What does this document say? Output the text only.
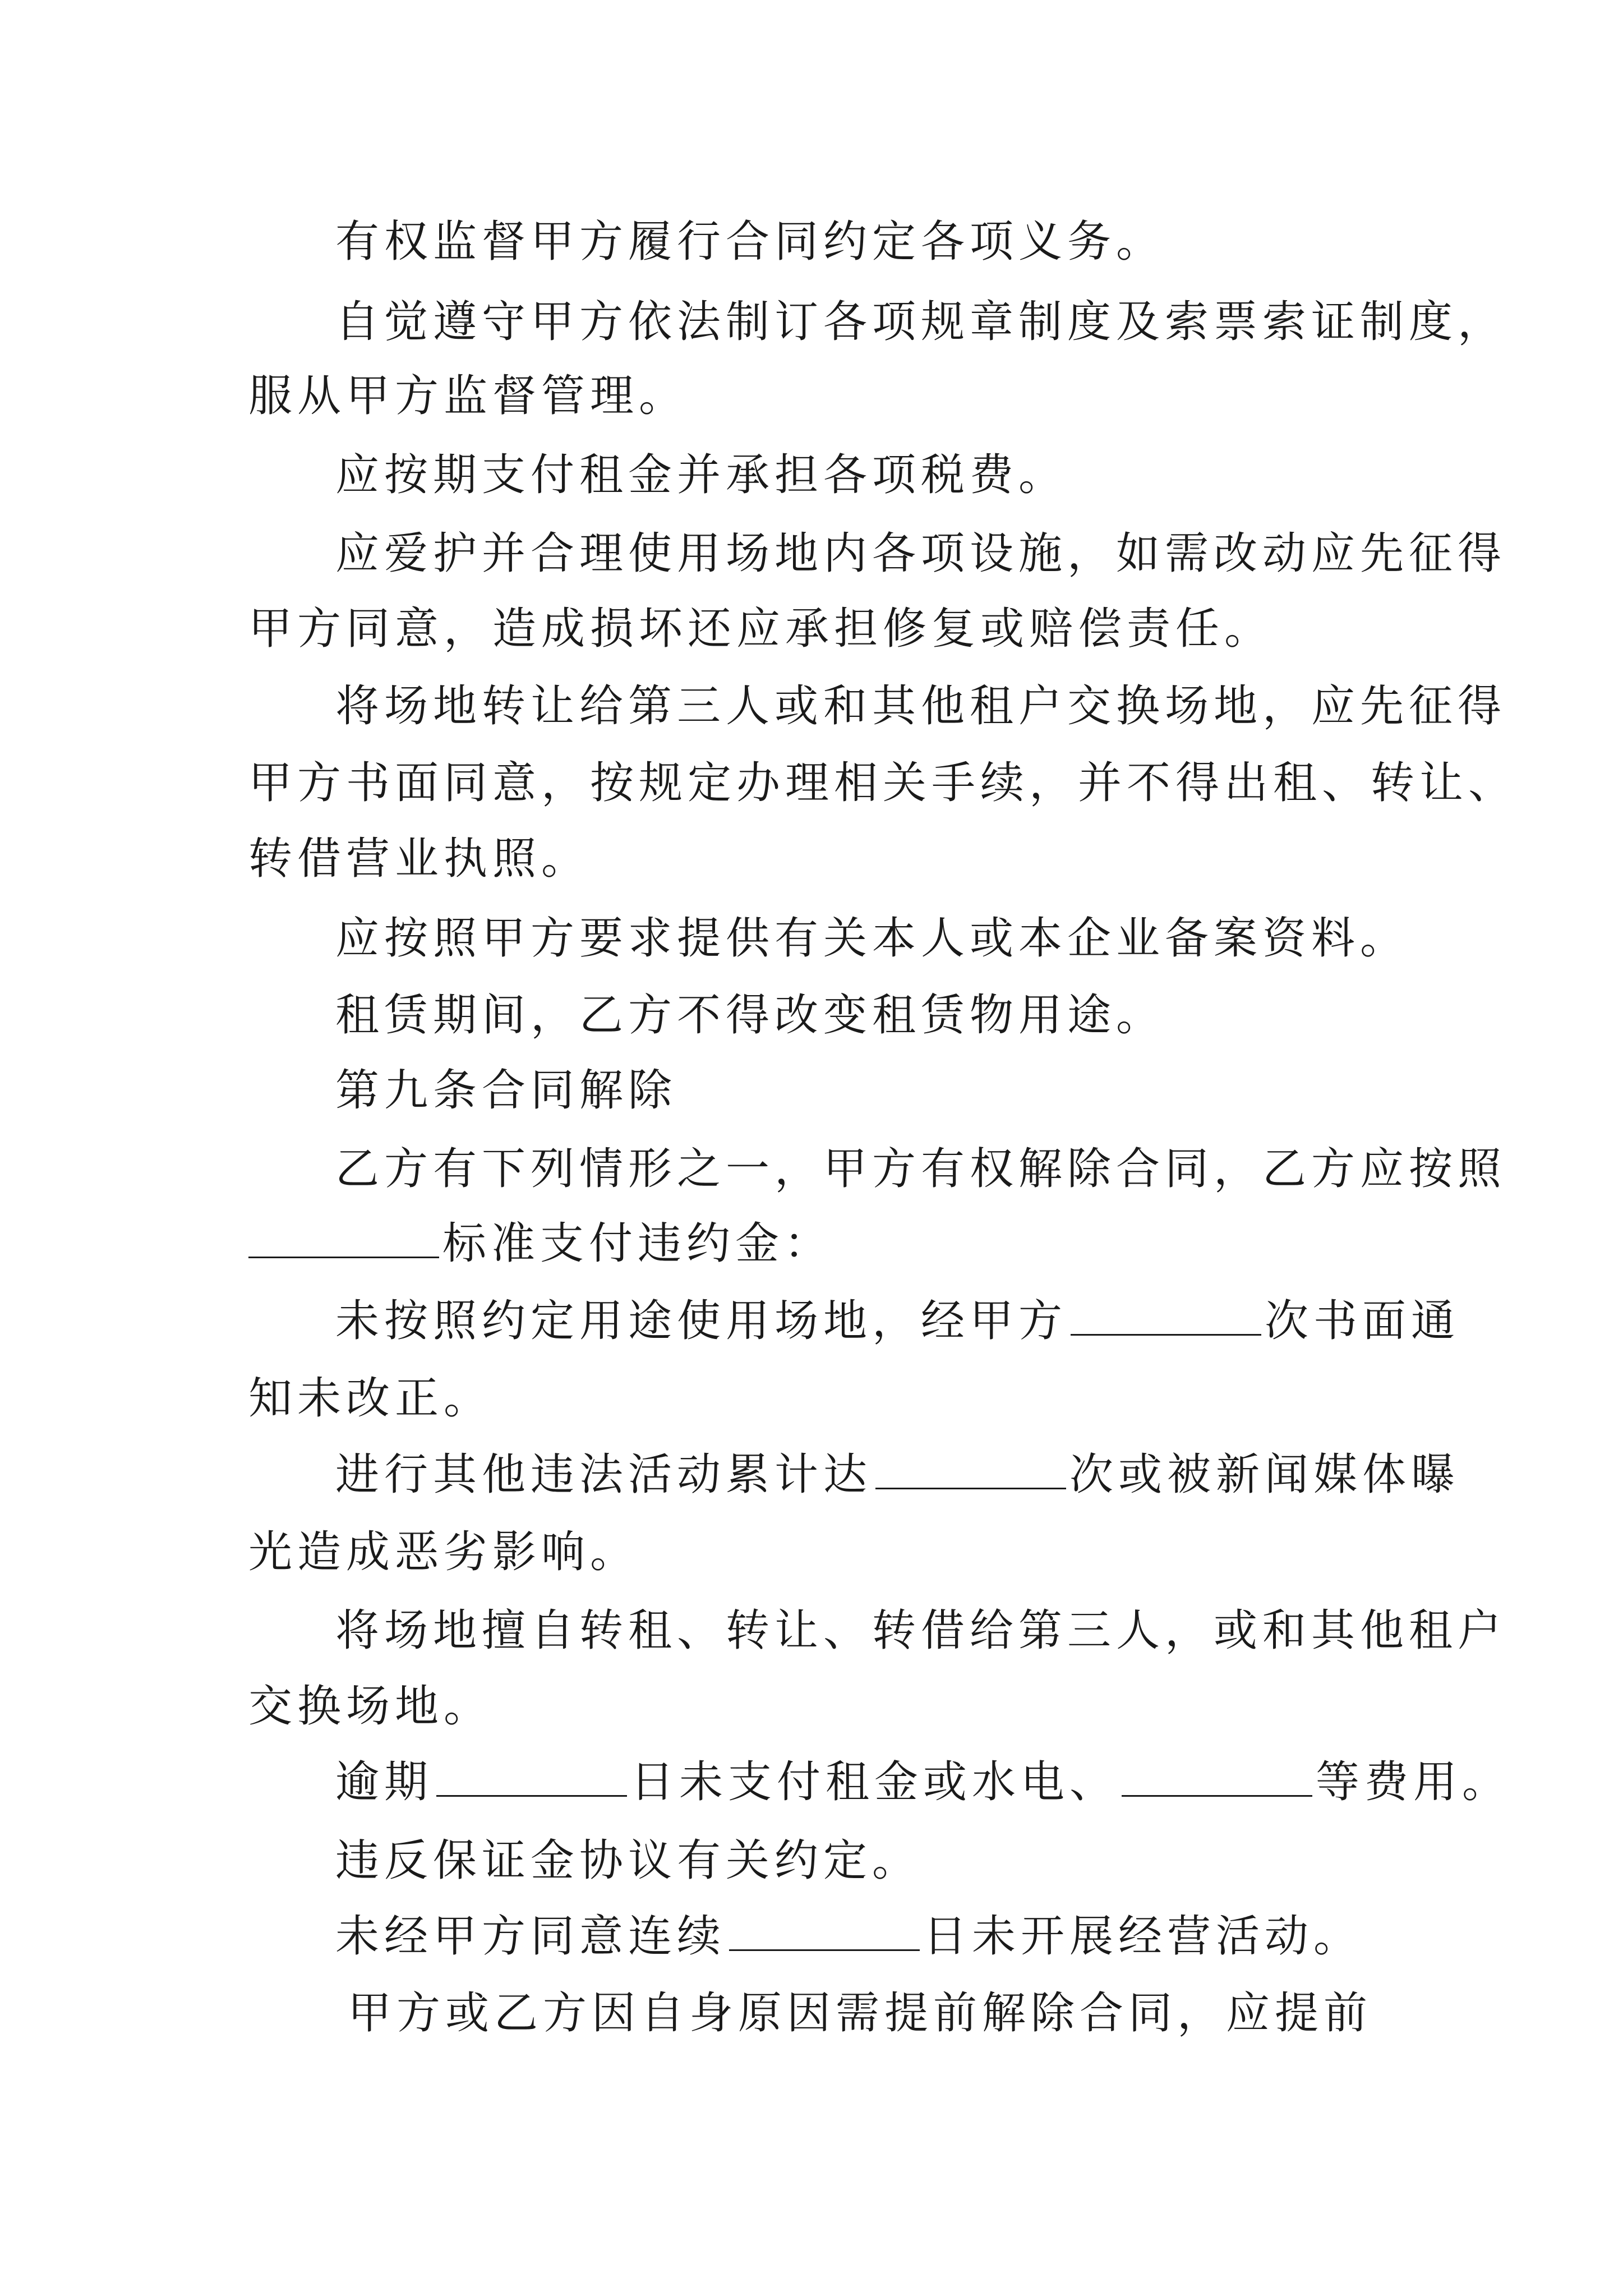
有权监督甲方履行合同约定各项义务。
自觉遵守甲方依法制订各项规章制度及索票索证制度，
服从甲方监督管理。
应按期支付租金并承担各项税费。
应爱护并合理使用场地内各项设施，如需改动应先征得
甲方同意，造成损坏还应承担修复或赔偿责任。
将场地转让给第三人或和其他租户交换场地，应先征得
甲方书面同意，按规定办理相关手续，并不得出租、转让、
转借营业执照。
应按照甲方要求提供有关本人或本企业备案资料。
租赁期间，乙方不得改变租赁物用途。
第九条合同解除
乙方有下列情形之一，甲方有权解除合同，乙方应按照
标准支付违约金：
未按照约定用途使用场地，经甲方	次书面通
知未改正。
进行其他违法活动累计达	次或被新闻媒体曝
光造成恶劣影响。
将场地擅自转租、转让、转借给第三人，或和其他租户
交换场地。
逾期	日未支付租金或水电、	等费用。
违反保证金协议有关约定。
未经甲方同意连续	日未开展经营活动。
甲方或乙方因自身原因需提前解除合同，应提前
